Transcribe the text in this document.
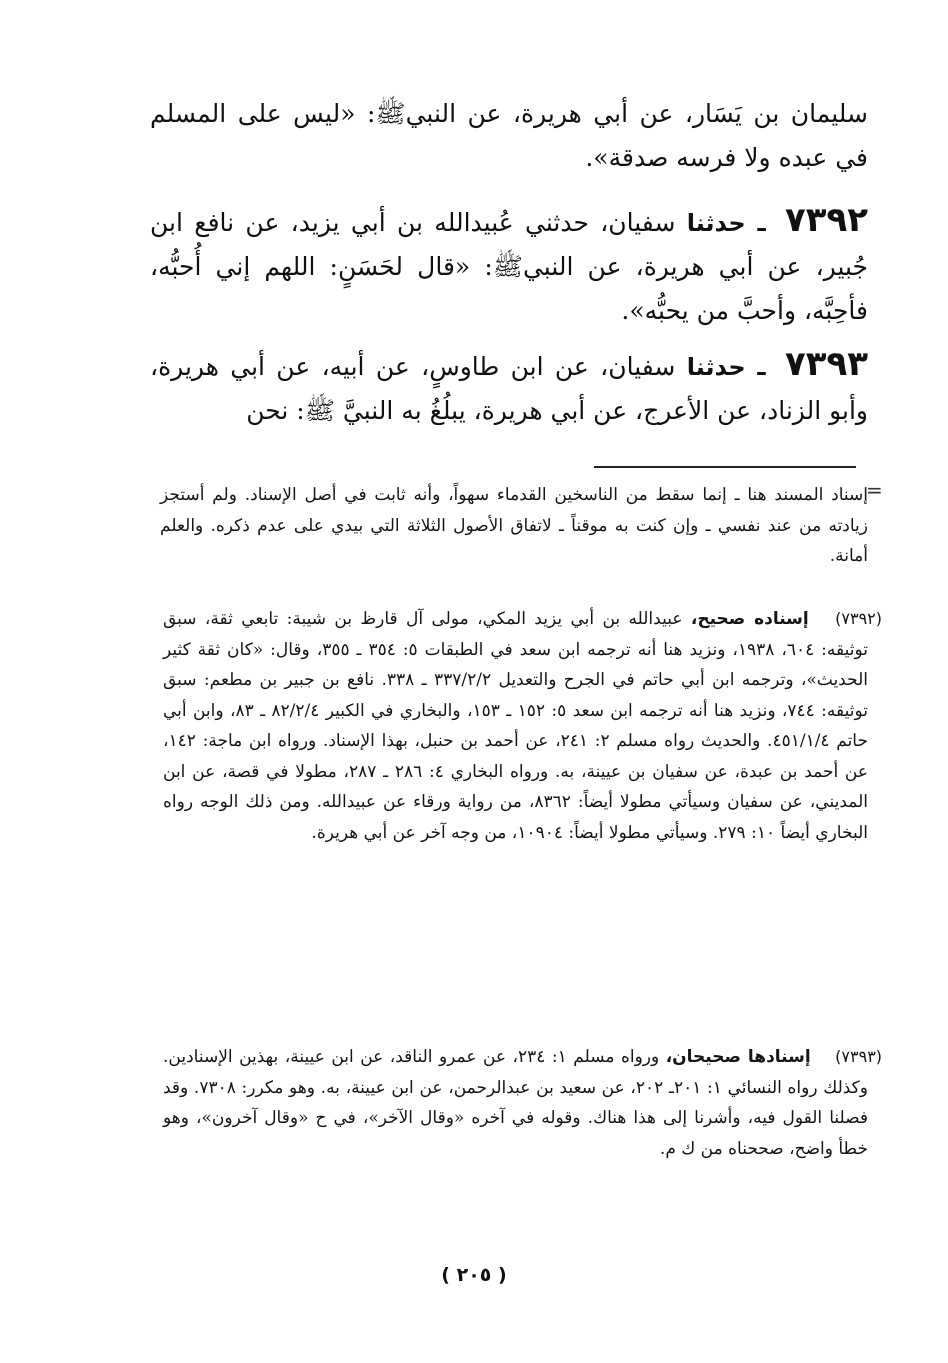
سليمان بن يَسَار، عن أبي هريرة، عن النبيﷺ: «ليس على المسلم في عبده ولا فرسه صدقة».
٧٣٩٢ ـ حدثنا سفيان، حدثني عُبيدالله بن أبي يزيد، عن نافع ابن جُبير، عن أبي هريرة، عن النبيﷺ: «قال لحَسَنٍ: اللهم إني أُحبُّه، فأحِبَّه، وأحبَّ من يحبُّه».
٧٣٩٣ ـ حدثنا سفيان، عن ابن طاوسٍ، عن أبيه، عن أبي هريرة، وأبو الزناد، عن الأعرج، عن أبي هريرة، يبلُغُ به النبيَّ ﷺ: نحن
=
إسناد المسند هنا ـ إنما سقط من الناسخين القدماء سهواً، وأنه ثابت في أصل الإسناد. ولم أستجز زيادته من عند نفسي ـ وإن كنت به موقناً ـ لاتفاق الأصول الثلاثة التي بيدي على عدم ذكره. والعلم أمانة.
(٧٣٩٢) إسناده صحيح، عبيدالله بن أبي يزيد المكي، مولى آل قارظ بن شيبة: تابعي ثقة، سبق توثيقه: ٦٠٤، ١٩٣٨، ونزيد هنا أنه ترجمه ابن سعد في الطبقات ٥: ٣٥٤ ـ ٣٥٥، وقال: «كان ثقة كثير الحديث»، وترجمه ابن أبي حاتم في الجرح والتعديل ٣٣٧/٢/٢ ـ ٣٣٨. نافع بن جبير بن مطعم: سبق توثيقه: ٧٤٤، ونزيد هنا أنه ترجمه ابن سعد ٥: ١٥٢ ـ ١٥٣، والبخاري في الكبير ٨٢/٢/٤ ـ ٨٣، وابن أبي حاتم ٤٥١/١/٤. والحديث رواه مسلم ٢: ٢٤١، عن أحمد بن حنبل، بهذا الإسناد. ورواه ابن ماجة: ١٤٢، عن أحمد بن عبدة، عن سفيان بن عيينة، به. ورواه البخاري ٤: ٢٨٦ ـ ٢٨٧، مطولا في قصة، عن ابن المديني، عن سفيان وسيأتي مطولا أيضاً: ٨٣٦٢، من رواية ورقاء عن عبيدالله. ومن ذلك الوجه رواه البخاري أيضاً ١٠: ٢٧٩. وسيأتي مطولا أيضاً: ١٠٩٠٤، من وجه آخر عن أبي هريرة.
(٧٣٩٣) إسنادها صحيحان، ورواه مسلم ١: ٢٣٤، عن عمرو الناقد، عن ابن عيينة، بهذين الإسنادين. وكذلك رواه النسائي ١: ٢٠١ـ ٢٠٢، عن سعيد بن عبدالرحمن، عن ابن عيينة، به. وهو مكرر: ٧٣٠٨. وقد فصلنا القول فيه، وأشرنا إلى هذا هناك. وقوله في آخره «وقال الآخر»، في ح «وقال آخرون»، وهو خطأ واضح، صححناه من ك م.
( ٢٠٥ )
